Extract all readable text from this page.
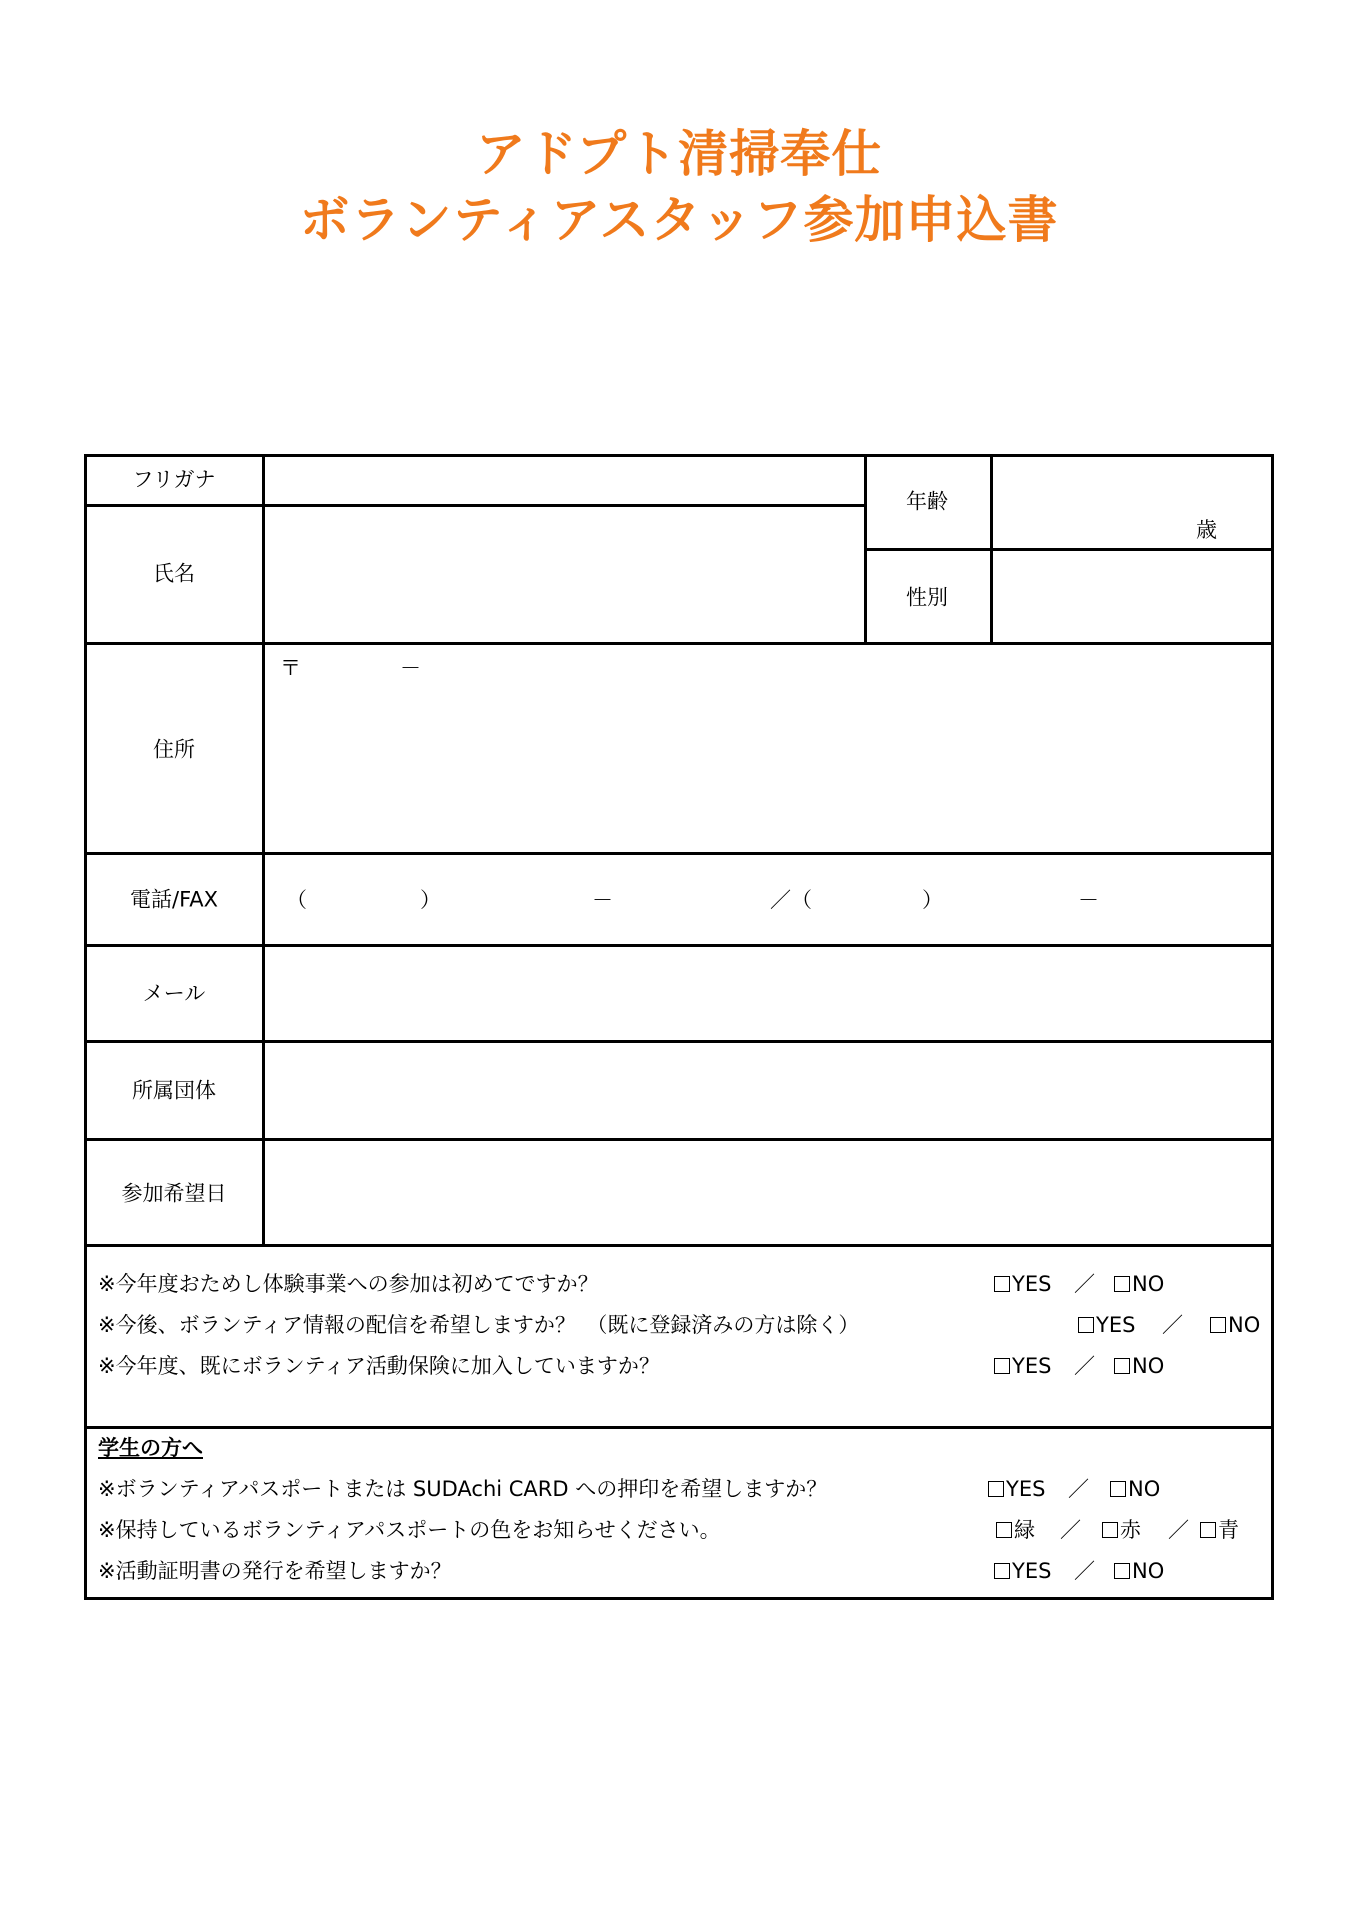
アドプト清掃奉仕
ボランティアスタッフ参加申込書
フリガナ
氏名
年齢
歳
性別
住所
〒	－
電話/FAX	（	）	－	／（	）	－
メール
所属団体
参加希望日
※今年度おためし体験事業への参加は初めてですか？	YES ／	NO
※今後、ボランティア情報の配信を希望しますか？　（既に登録済みの方は除く）	YES ／	NO
※今年度、既にボランティア活動保険に加入していますか？	YES ／	NO
学生の方へ
※ボランティアパスポートまたは SUDAchi CARD への押印を希望しますか？	YES ／	NO
※保持しているボランティアパスポートの色をお知らせください。	緑 ／	赤 ／	青
※活動証明書の発行を希望しますか？	YES ／	NO
